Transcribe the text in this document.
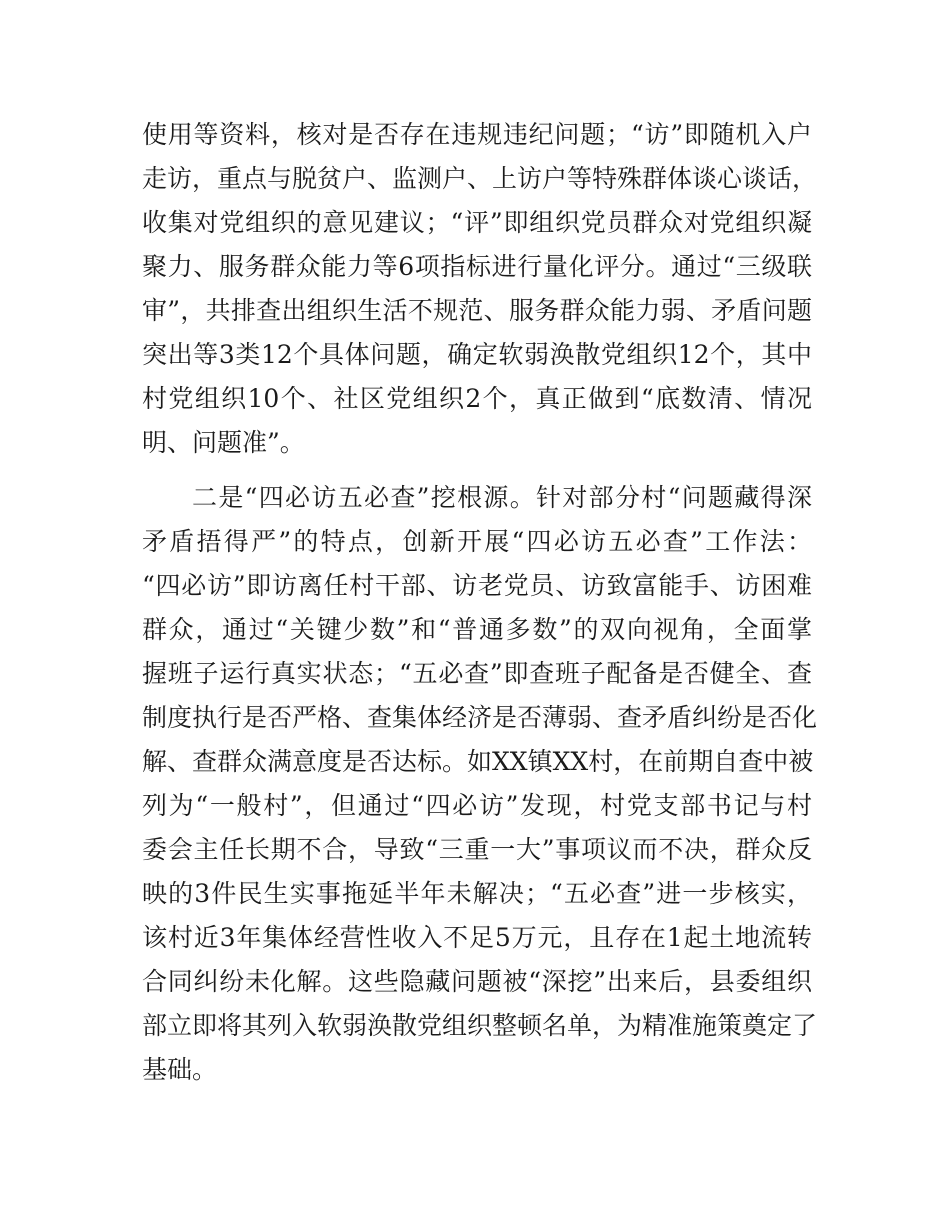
使用等资料，核对是否存在违规违纪问题；“访”即随机入户
走访，重点与脱贫户、监测户、上访户等特殊群体谈心谈话，
收集对党组织的意见建议；“评”即组织党员群众对党组织凝
聚力、服务群众能力等6项指标进行量化评分。通过“三级联
审”，共排查出组织生活不规范、服务群众能力弱、矛盾问题
突出等3类12个具体问题，确定软弱涣散党组织12个，其中
村党组织10个、社区党组织2个，真正做到“底数清、情况
明、问题准”。
二是“四必访五必查”挖根源。针对部分村“问题藏得深
矛盾捂得严”的特点，创新开展“四必访五必查”工作法：
“四必访”即访离任村干部、访老党员、访致富能手、访困难
群众，通过“关键少数”和“普通多数”的双向视角，全面掌
握班子运行真实状态；“五必查”即查班子配备是否健全、查
制度执行是否严格、查集体经济是否薄弱、查矛盾纠纷是否化
解、查群众满意度是否达标。如XX镇XX村，在前期自查中被
列为“一般村”，但通过“四必访”发现，村党支部书记与村
委会主任长期不合，导致“三重一大”事项议而不决，群众反
映的3件民生实事拖延半年未解决；“五必查”进一步核实，
该村近3年集体经营性收入不足5万元，且存在1起土地流转
合同纠纷未化解。这些隐藏问题被“深挖”出来后，县委组织
部立即将其列入软弱涣散党组织整顿名单，为精准施策奠定了
基础。
